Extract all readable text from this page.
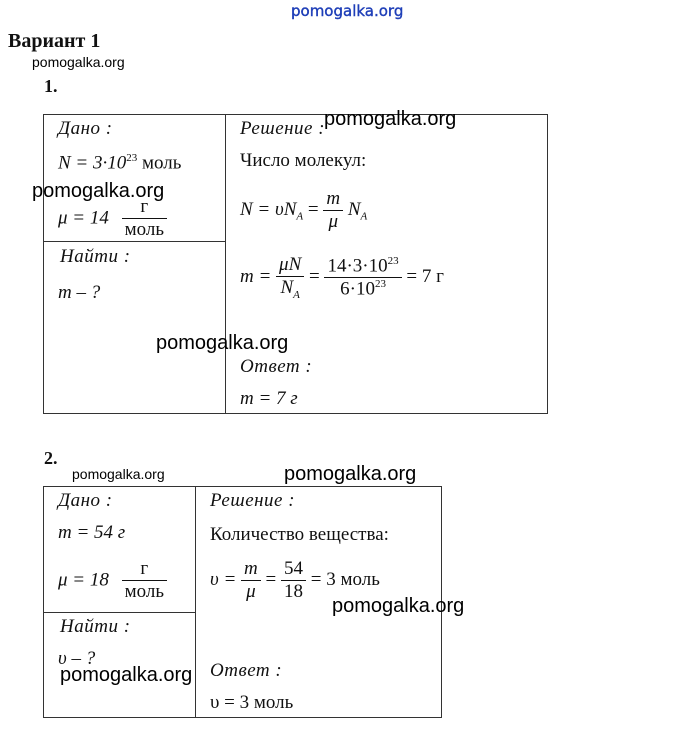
pomogalka.org
Вариант 1
pomogalka.org
1.
Дано :
$N = 3\cdot 10^{23}$ моль
$\mu = 14 \frac{г}{\text{моль}}$
Найти :
m – ?
Решение :
Число молекул:
$N = \upsilon N_A = \frac{m}{\mu} N_A$
$m = \frac{\mu N}{N_A} = \frac{14\cdot 3\cdot 10^{23}}{6\cdot 10^{23}} = 7$ г
Ответ :
m = 7 г
pomogalka.org
pomogalka.org
pomogalka.org
2.
pomogalka.org	pomogalka.org
Дано :
m = 54 г
$\mu = 18 \frac{г}{\text{моль}}$
Найти :
υ – ?
Решение :
Количество вещества:
$\upsilon = \frac{m}{\mu} = \frac{54}{18} = 3$ моль
Ответ :
υ = 3 моль
pomogalka.org
pomogalka.org
